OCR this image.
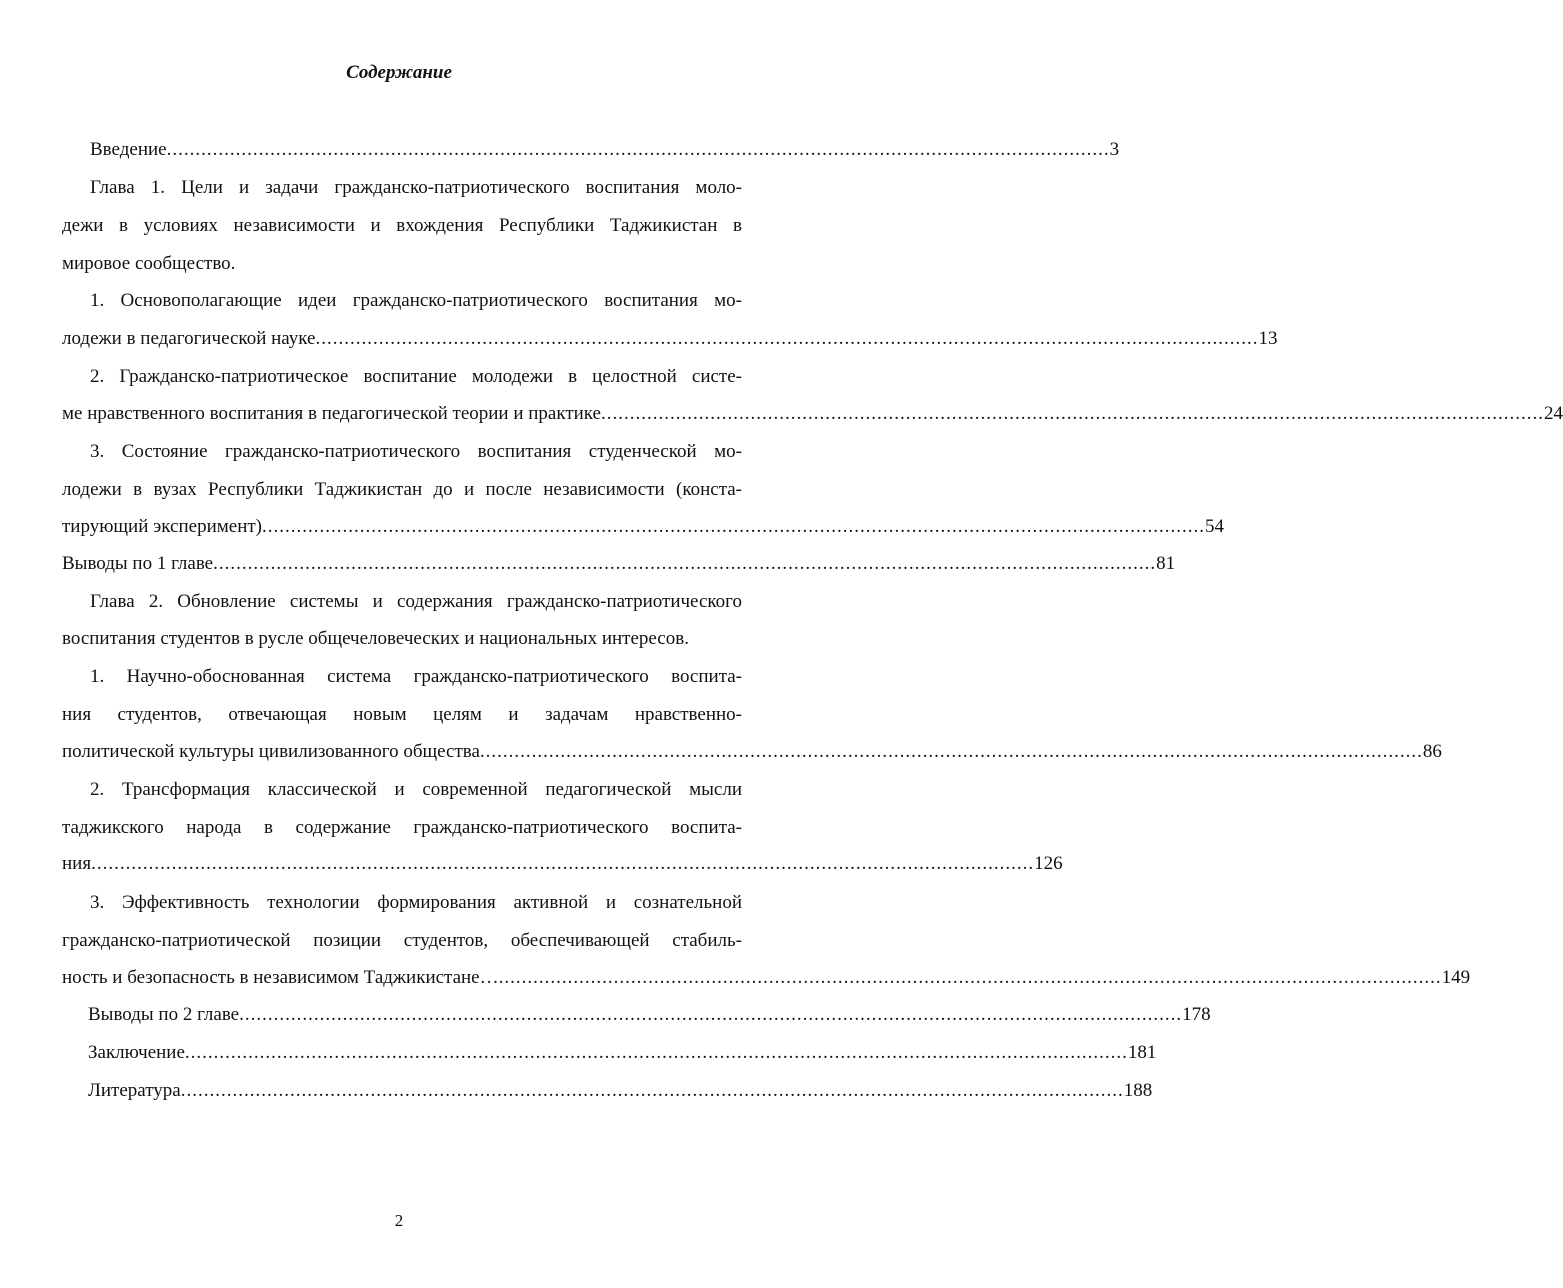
Содержание
Введение .................................................................................................................................................................... 3
Глава 1. Цели и задачи гражданско-патриотического воспитания моло-
дежи в условиях независимости и вхождения Республики Таджикистан в
мировое сообщество.
1. Основополагающие идеи гражданско-патриотического воспитания мо-
лодежи в педагогической науке .................................................................................................................................................................... 13
2. Гражданско-патриотическое воспитание молодежи в целостной систе-
ме нравственного воспитания в педагогической теории и практике .................................................................................................................................................................... 24
3. Состояние гражданско-патриотического воспитания студенческой мо-
лодежи в вузах Республики Таджикистан до и после независимости (конста-
тирующий эксперимент) .................................................................................................................................................................... 54
Выводы по 1 главе .................................................................................................................................................................... 81
Глава 2. Обновление системы и содержания гражданско-патриотического
воспитания студентов в русле общечеловеческих и национальных интересов.
1. Научно-обоснованная система гражданско-патриотического воспита-
ния студентов, отвечающая новым целям и задачам нравственно-
политической культуры цивилизованного общества .................................................................................................................................................................... 86
2. Трансформация классической и современной педагогической мысли
таджикского народа в содержание гражданско-патриотического воспита-
ния .................................................................................................................................................................... 126
3. Эффективность технологии формирования активной и сознательной
гражданско-патриотической позиции студентов, обеспечивающей стабиль-
ность и безопасность в независимом Таджикистане… .................................................................................................................................................................... 149
Выводы по 2 главе .................................................................................................................................................................... 178
Заключение .................................................................................................................................................................... 181
Литература .................................................................................................................................................................... 188
2
